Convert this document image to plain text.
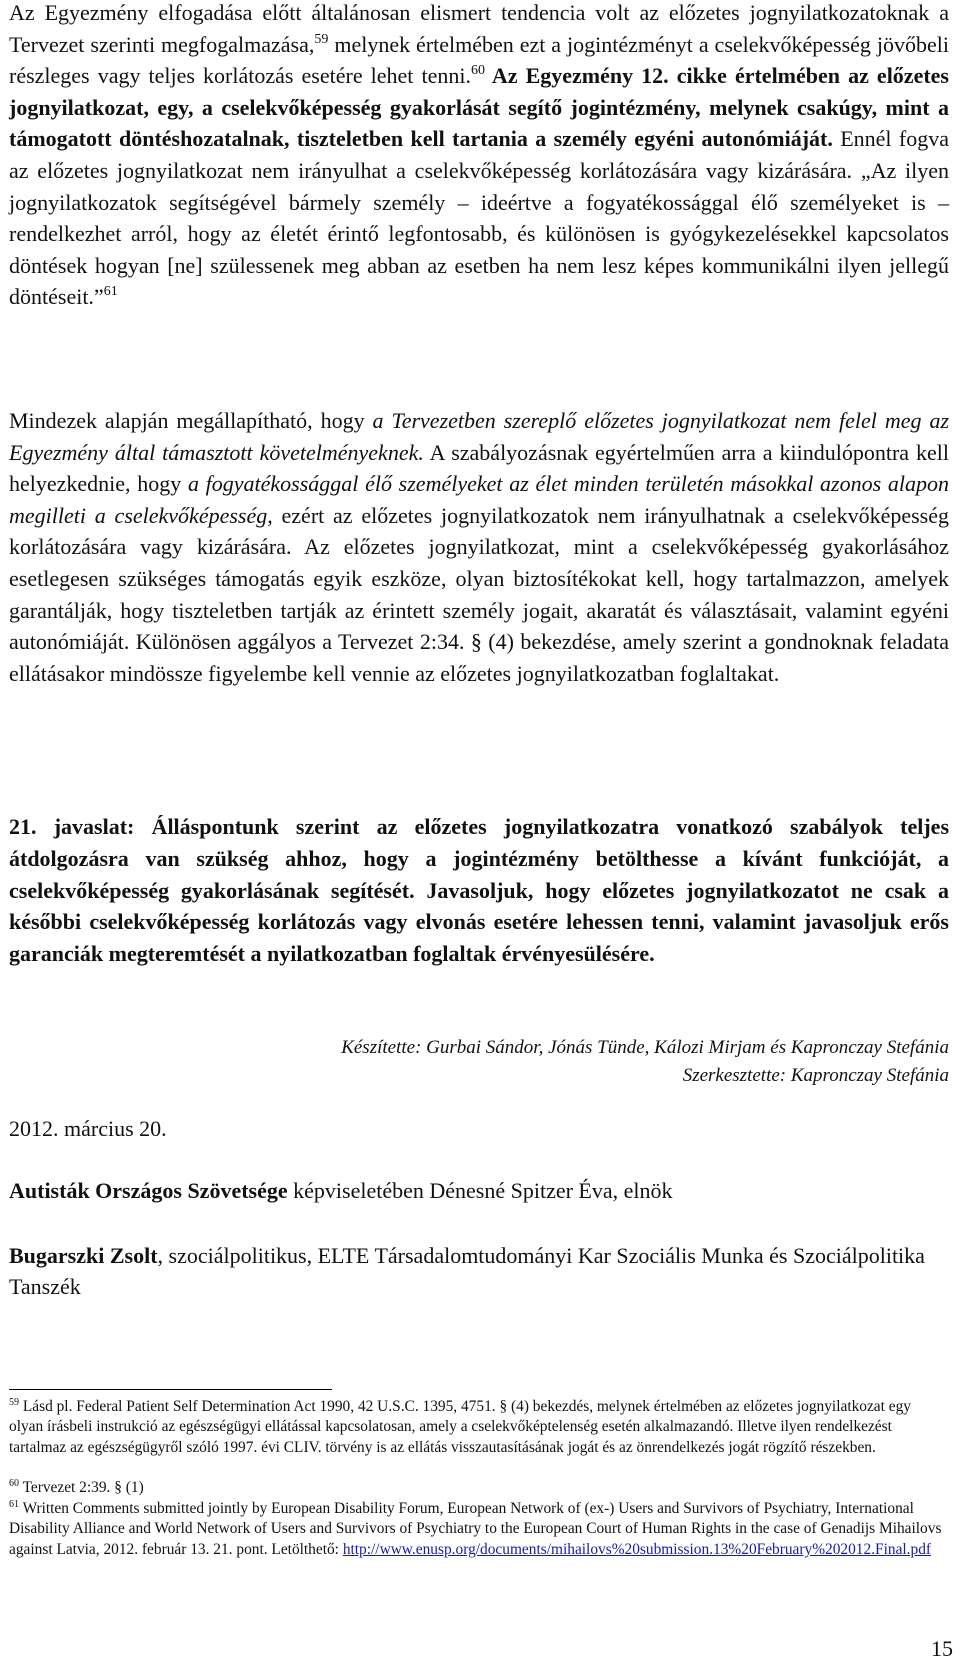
Az Egyezmény elfogadása előtt általánosan elismert tendencia volt az előzetes jognyilatkozatoknak a Tervezet szerinti megfogalmazása,$^{59}$ melynek értelmében ezt a jogintézményt a cselekvőképesség jövőbeli részleges vagy teljes korlátozás esetére lehet tenni.$^{60}$ Az Egyezmény 12. cikke értelmében az előzetes jognyilatkozat, egy, a cselekvőképesség gyakorlását segítő jogintézmény, melynek csakúgy, mint a támogatott döntéshozatalnak, tiszteletben kell tartania a személy egyéni autonómiáját. Ennél fogva az előzetes jognyilatkozat nem irányulhat a cselekvőképesség korlátozására vagy kizárására. „Az ilyen jognyilatkozatok segítségével bármely személy – ideértve a fogyatékossággal élő személyeket is – rendelkezhet arról, hogy az életét érintő legfontosabb, és különösen is gyógykezelésekkel kapcsolatos döntések hogyan [ne] szülessenek meg abban az esetben ha nem lesz képes kommunikálni ilyen jellegű döntéseit.”$^{61}$
Mindezek alapján megállapítható, hogy a Tervezetben szereplő előzetes jognyilatkozat nem felel meg az Egyezmény által támasztott követelményeknek. A szabályozásnak egyértelműen arra a kiindulópontra kell helyezkednie, hogy a fogyatékossággal élő személyeket az élet minden területén másokkal azonos alapon megilleti a cselekvőképesség, ezért az előzetes jognyilatkozatok nem irányulhatnak a cselekvőképesség korlátozására vagy kizárására. Az előzetes jognyilatkozat, mint a cselekvőképesség gyakorlásához esetlegesen szükséges támogatás egyik eszköze, olyan biztosítékokat kell, hogy tartalmazzon, amelyek garantálják, hogy tiszteletben tartják az érintett személy jogait, akaratát és választásait, valamint egyéni autonómiáját. Különösen aggályos a Tervezet 2:34. § (4) bekezdése, amely szerint a gondnoknak feladata ellátásakor mindössze figyelembe kell vennie az előzetes jognyilatkozatban foglaltakat.
21. javaslat: Álláspontunk szerint az előzetes jognyilatkozatra vonatkozó szabályok teljes átdolgozásra van szükség ahhoz, hogy a jogintézmény betölthesse a kívánt funkcióját, a cselekvőképesség gyakorlásának segítését. Javasoljuk, hogy előzetes jognyilatkozatot ne csak a későbbi cselekvőképesség korlátozás vagy elvonás esetére lehessen tenni, valamint javasoljuk erős garanciák megteremtését a nyilatkozatban foglaltak érvényesülésére.
Készítette: Gurbai Sándor, Jónás Tünde, Kálozi Mirjam és Kapronczay Stefánia
Szerkesztette: Kapronczay Stefánia
2012. március 20.
Autisták Országos Szövetsége képviseletében Dénesné Spitzer Éva, elnök
Bugarszki Zsolt, szociálpolitikus, ELTE Társadalomtudományi Kar Szociális Munka és Szociálpolitika Tanszék
$^{59}$ Lásd pl. Federal Patient Self Determination Act 1990, 42 U.S.C. 1395, 4751. § (4) bekezdés, melynek értelmében az előzetes jognyilatkozat egy olyan írásbeli instrukció az egészségügyi ellátással kapcsolatosan, amely a cselekvőképtelenség esetén alkalmazandó. Illetve ilyen rendelkezést tartalmaz az egészségügyről szóló 1997. évi CLIV. törvény is az ellátás visszautasításának jogát és az önrendelkezés jogát rögzítő részekben.
$^{60}$ Tervezet 2:39. § (1)
$^{61}$ Written Comments submitted jointly by European Disability Forum, European Network of (ex-) Users and Survivors of Psychiatry, International Disability Alliance and World Network of Users and Survivors of Psychiatry to the European Court of Human Rights in the case of Genadijs Mihailovs against Latvia, 2012. február 13. 21. pont. Letölthető: http://www.enusp.org/documents/mihailovs%20submission.13%20February%202012.Final.pdf
15
